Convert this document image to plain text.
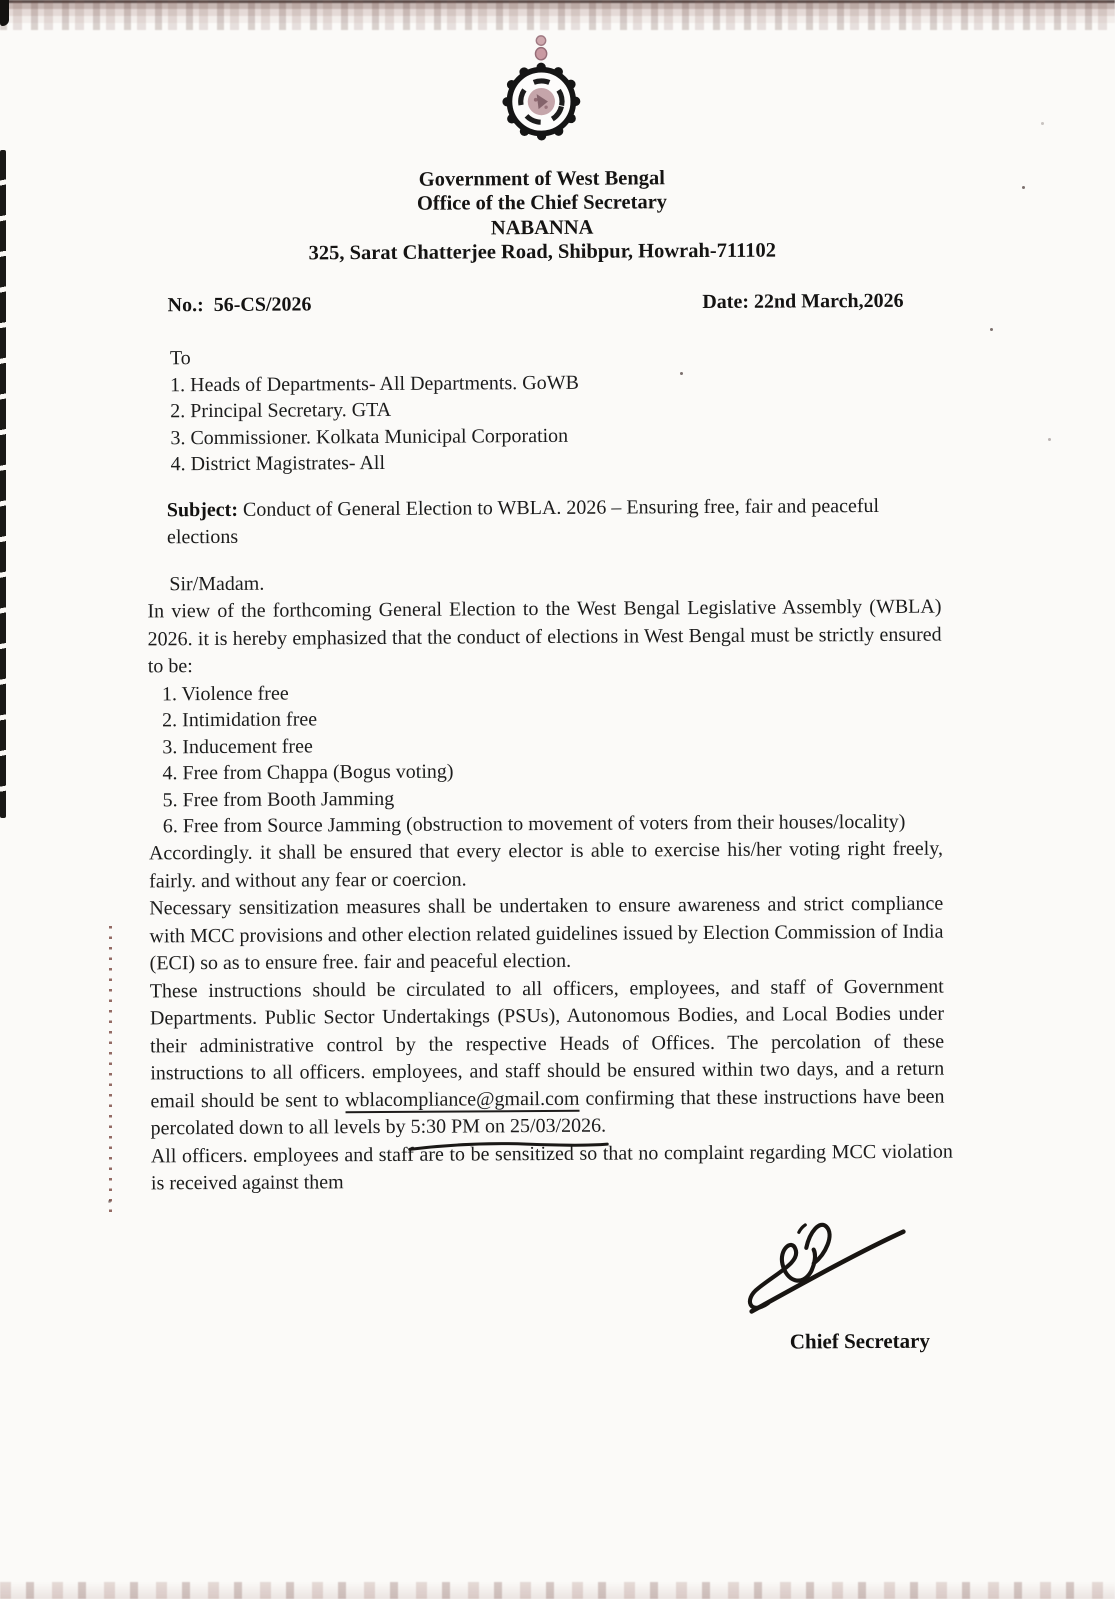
Government of West Bengal
Office of the Chief Secretary
NABANNA
325, Sarat Chatterjee Road, Shibpur, Howrah-711102
No.:  56-CS/2026	Date: 22nd March,2026
To
1. Heads of Departments- All Departments. GoWB
2. Principal Secretary. GTA
3. Commissioner. Kolkata Municipal Corporation
4. District Magistrates- All
Subject: Conduct of General Election to WBLA. 2026 – Ensuring free, fair and peaceful elections
Sir/Madam.

In view of the forthcoming General Election to the West Bengal Legislative Assembly (WBLA) 2026. it is hereby emphasized that the conduct of elections in West Bengal must be strictly ensured to be:

1. Violence free
2. Intimidation free
3. Inducement free
4. Free from Chappa (Bogus voting)
5. Free from Booth Jamming
6. Free from Source Jamming (obstruction to movement of voters from their houses/locality)

Accordingly. it shall be ensured that every elector is able to exercise his/her voting right freely, fairly. and without any fear or coercion.

Necessary sensitization measures shall be undertaken to ensure awareness and strict compliance with MCC provisions and other election related guidelines issued by Election Commission of India (ECI) so as to ensure free. fair and peaceful election.

These instructions should be circulated to all officers, employees, and staff of Government Departments. Public Sector Undertakings (PSUs), Autonomous Bodies, and Local Bodies under their administrative control by the respective Heads of Offices. The percolation of these instructions to all officers. employees, and staff should be ensured within two days, and a return email should be sent to wblacompliance@gmail.com confirming that these instructions have been percolated down to all levels by 5:30 PM on 25/03/2026.

All officers. employees and staff are to be sensitized so that no complaint regarding MCC violation is received against them

Chief Secretary
